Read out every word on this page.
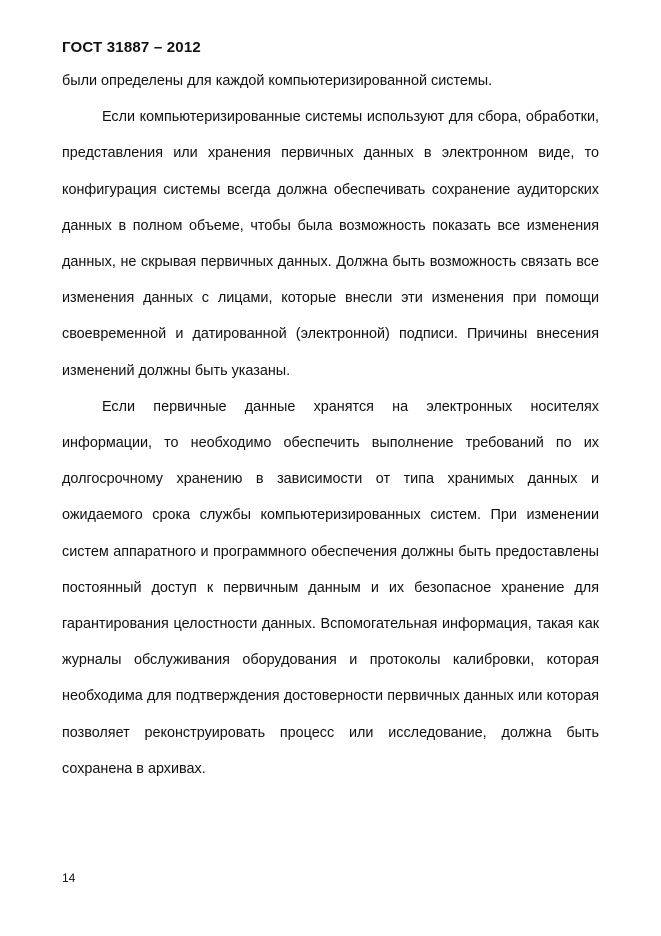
ГОСТ 31887 – 2012

были определены для каждой компьютеризированной системы.

Если компьютеризированные системы используют для сбора, обработки, представления или хранения первичных данных в электронном виде, то конфигурация системы всегда должна обеспечивать сохранение аудиторских данных в полном объеме, чтобы была возможность показать все изменения данных, не скрывая первичных данных. Должна быть возможность связать все изменения данных с лицами, которые внесли эти изменения при помощи своевременной и датированной (электронной) подписи. Причины внесения изменений должны быть указаны.

Если первичные данные хранятся на электронных носителях информации, то необходимо обеспечить выполнение требований по их долгосрочному хранению в зависимости от типа хранимых данных и ожидаемого срока службы компьютеризированных систем. При изменении систем аппаратного и программного обеспечения должны быть предоставлены постоянный доступ к первичным данным и их безопасное хранение для гарантирования целостности данных. Вспомогательная информация, такая как журналы обслуживания оборудования и протоколы калибровки, которая необходима для подтверждения достоверности первичных данных или которая позволяет реконструировать процесс или исследование, должна быть сохранена в архивах.

14
